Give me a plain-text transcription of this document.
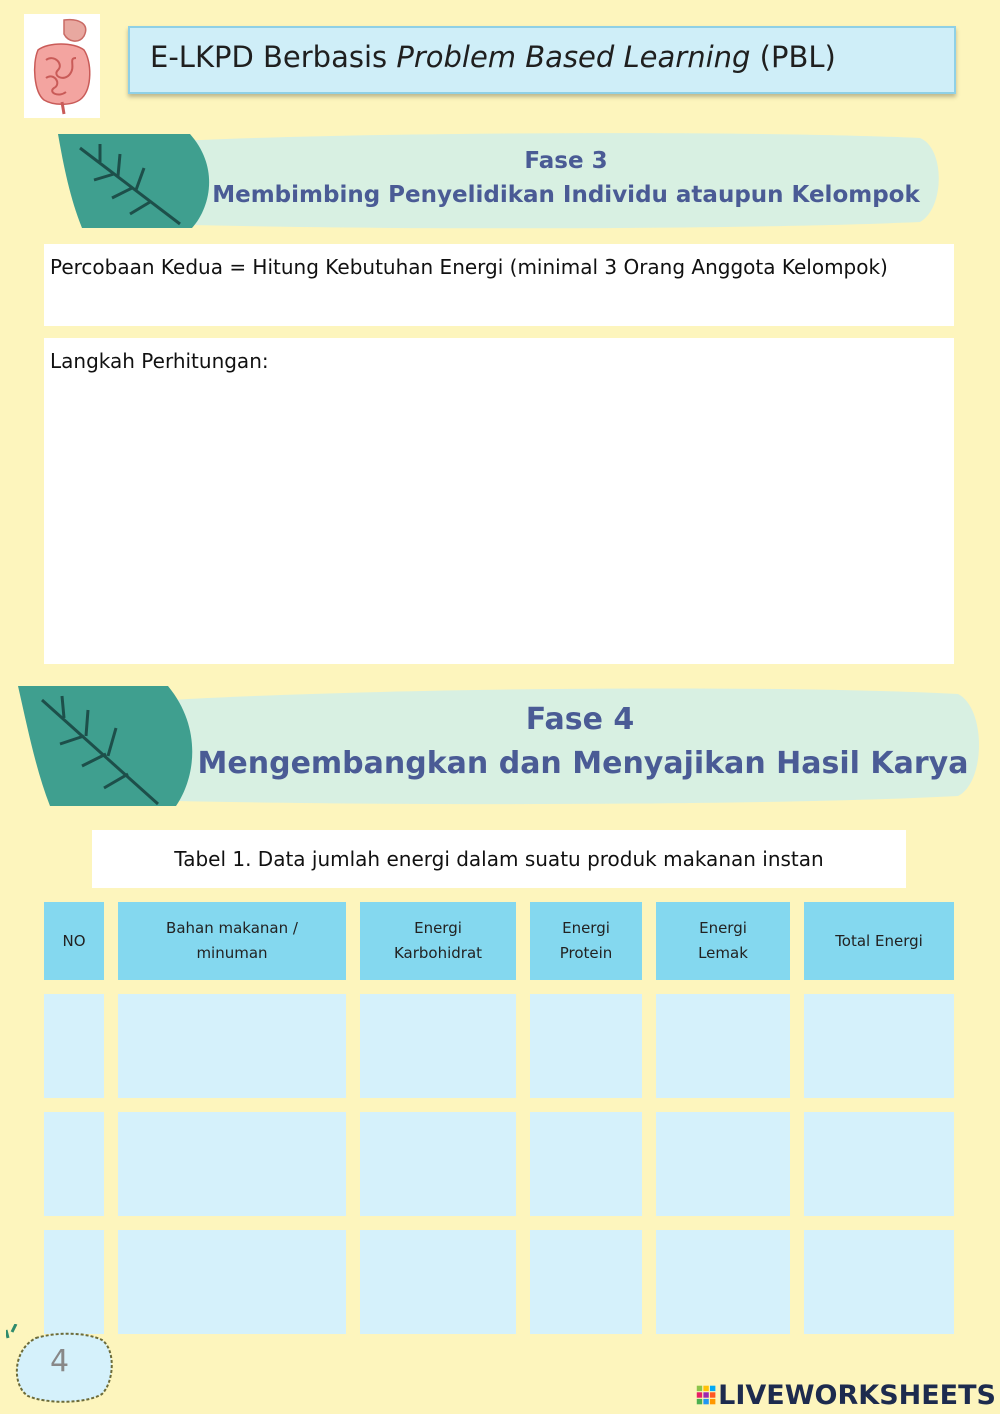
E-LKPD Berbasis Problem Based Learning (PBL)
Fase 3
Membimbing Penyelidikan Individu ataupun Kelompok
Percobaan Kedua = Hitung Kebutuhan Energi (minimal 3 Orang Anggota Kelompok)
Langkah Perhitungan:
Fase 4
Mengembangkan dan Menyajikan Hasil Karya
Tabel 1. Data jumlah energi dalam suatu produk makanan instan
NO
Bahan makanan / minuman
Energi Karbohidrat
Energi Protein
Energi Lemak
Total Energi
4
LIVEWORKSHEETS
